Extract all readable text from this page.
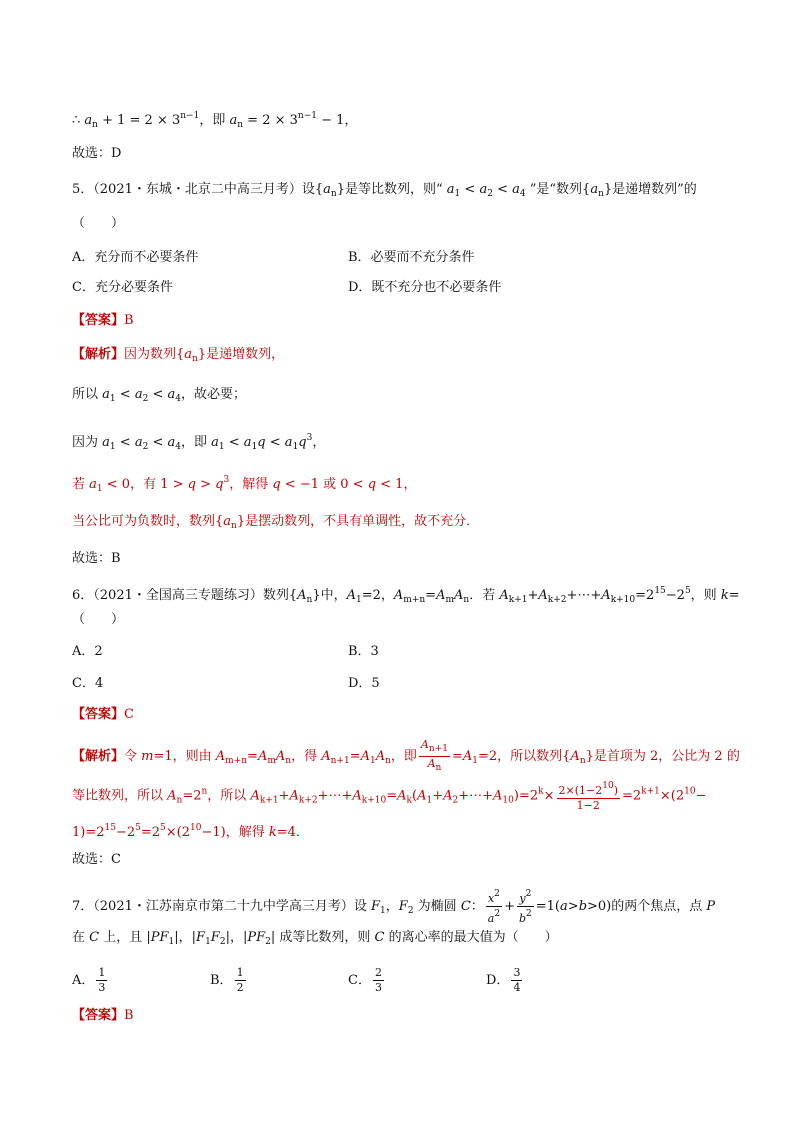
∴ $a_n + 1 = 2 \times 3^{n-1}$，即 $a_n = 2 \times 3^{n-1} - 1$，
故选：D
5．（2021・东城・北京二中高三月考）设$\{a_n\}$是等比数列，则“ $a_1 < a_2 < a_4$ ”是“数列$\{a_n\}$是递增数列”的
（　　）
A．充分而不必要条件	B．必要而不充分条件
C．充分必要条件	D．既不充分也不必要条件
【答案】B
【解析】因为数列$\{a_n\}$是递增数列，
所以 $a_1 < a_2 < a_4$，故必要；
因为 $a_1 < a_2 < a_4$，即 $a_1 < a_1q < a_1q^3$，
若 $a_1 < 0$，有 $1 > q > q^3$，解得 q < −1 或 0 < q < 1，
当公比可为负数时，数列$\{a_n\}$是摆动数列，不具有单调性，故不充分．
故选：B
6．（2021・全国高三专题练习）数列$\{A_n\}$中，$A_1=2$，$A_{m+n}=A_mA_n$．若 $A_{k+1}+A_{k+2}+\cdots+A_{k+10}=2^{15}-2^5$，则 k=
（　　）
A．2	B．3
C．4	D．5
【答案】C
【解析】令 m=1，则由 $A_{m+n}=A_mA_n$，得 $A_{n+1}=A_1A_n$，即 $\frac{A_{n+1}}{A_n} =A_1=2$，所以数列$\{A_n\}$是首项为 2，公比为 2 的
等比数列，所以 $A_n=2^n$，所以 $A_{k+1}+A_{k+2}+\cdots+A_{k+10}=A_k(A_1+A_2+\cdots+A_{10})=2^k\times \frac{2\times(1-2^{10})}{1-2} =2^{k+1}\times(2^{10}-$
$1)=2^{15}-2^5=2^5\times(2^{10}-1)$，解得 k=4．
故选：C
7．（2021・江苏南京市第二十九中学高三月考）设 $F_1$，$F_2$ 为椭圆 C： $\frac{x^2}{a^2} + \frac{y^2}{b^2} =1(a>b>0)$的两个焦点，点 P
在 C 上，且 $|PF_1|$，$|F_1F_2|$，$|PF_2|$ 成等比数列，则 C 的离心率的最大值为（　　）
A． $\frac{1}{3}$	B． $\frac{1}{2}$	C． $\frac{2}{3}$	D． $\frac{3}{4}$
【答案】B
